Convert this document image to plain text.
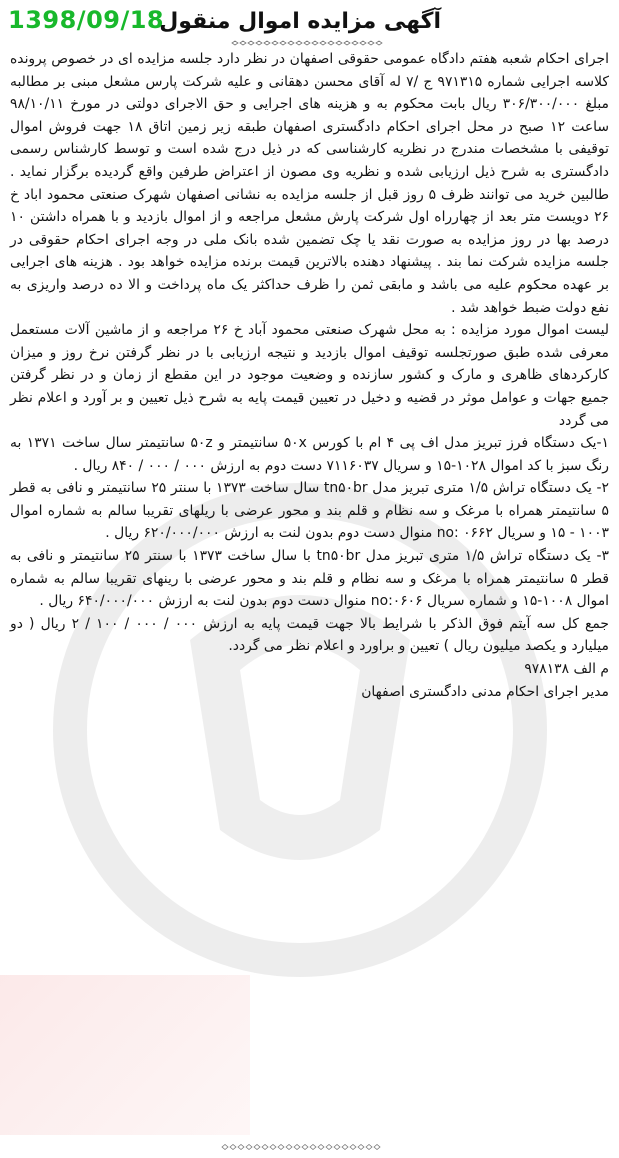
1398/09/18
آگهی مزایده اموال منقول
اجرای احکام شعبه هفتم دادگاه عمومی حقوقی اصفهان در نظر دارد جلسه مزایده ای در خصوص پرونده کلاسه اجرایی شماره ۹۷۱۳۱۵ ج /۷ له آقای محسن دهقانی و علیه شرکت پارس مشعل مبنی بر مطالبه مبلغ ۳۰۶/۳۰۰/۰۰۰ ریال بابت محکوم به و هزینه های اجرایی و حق الاجرای دولتی در مورخ ۹۸/۱۰/۱۱ ساعت ۱۲ صبح در محل اجرای احکام دادگستری اصفهان طبقه زیر زمین اتاق ۱۸ جهت فروش اموال توقیفی با مشخصات مندرج در نظریه کارشناسی که در ذیل درج شده است و توسط کارشناس رسمی دادگستری به شرح ذیل ارزیابی شده و نظریه وی مصون از اعتراض طرفین واقع گردیده برگزار نماید . طالبین خرید می توانند ظرف ۵ روز قبل از جلسه مزایده به نشانی اصفهان شهرک صنعتی محمود اباد خ ۲۶ دویست متر بعد از چهارراه اول شرکت پارش مشعل مراجعه و از اموال بازدید و با همراه داشتن ۱۰ درصد بها در روز مزایده به صورت نقد یا چک تضمین شده بانک ملی در وجه اجرای احکام حقوقی در جلسه مزایده شرکت نما بند . پیشنهاد دهنده بالاترین قیمت برنده مزایده خواهد بود . هزینه های اجرایی بر عهده محکوم علیه می باشد و مابقی ثمن را ظرف حداکثر یک ماه پرداخت و الا ده درصد واریزی به نفع دولت ضبط خواهد شد .
لیست اموال مورد مزایده : به محل شهرک صنعتی محمود آباد خ ۲۶ مراجعه و از ماشین آلات مستعمل معرفی شده طبق صورتجلسه توقیف اموال بازدید و نتیجه ارزیابی با در نظر گرفتن نرخ روز و میزان کارکردهای ظاهری و مارک و کشور سازنده و وضعیت موجود در این مقطع از زمان و در نظر گرفتن جمیع جهات و عوامل موثر در قضیه و دخیل در تعیین قیمت پایه به شرح ذیل تعیین و بر آورد و اعلام نظر می گردد
۱-یک دستگاه فرز تبریز مدل اف پی ۴ ام با کورس ۵۰x سانتیمتر و ۵۰z سانتیمتر سال ساخت ۱۳۷۱ به رنگ سبز با کد اموال ۱۰۲۸-۱۵ و سریال ۷۱۱۶۰۳۷ دست دوم به ارزش ۰۰۰ / ۰۰۰ / ۸۴۰ ریال .
۲- یک دستگاه تراش ۱/۵ متری تبریز مدل tn۵۰br سال ساخت ۱۳۷۳ با سنتر ۲۵ سانتیمتر و نافی به قطر ۵ سانتیمتر همراه با مرغک و سه نظام و قلم بند و محور عرضی با ریلهای تقریبا سالم به شماره اموال ۱۰۰۳ - ۱۵ و سریال no: ۰۶۶۲ منوال دست دوم بدون لنت به ارزش ۶۲۰/۰۰۰/۰۰۰ ریال .
۳- یک دستگاه تراش ۱/۵ متری تبریز مدل tn۵۰br با سال ساخت ۱۳۷۳ با سنتر ۲۵ سانتیمتر و نافی به قطر ۵ سانتیمتر همراه با مرغک و سه نظام و قلم بند و محور عرضی با رینهای تقریبا سالم به شماره اموال ۱۰۰۸-۱۵ و شماره سریال no:۰۶۰۶ منوال دست دوم بدون لنت به ارزش ۶۴۰/۰۰۰/۰۰۰ ریال .
جمع کل سه آیتم فوق الذکر با شرایط بالا جهت قیمت پایه به ارزش ۰۰۰ / ۰۰۰ / ۱۰۰ / ۲ ریال ( دو میلیارد و یکصد میلیون ریال ) تعیین و براورد و اعلام نظر می گردد.
م الف ۹۷۸۱۳۸
مدیر اجرای احکام مدنی دادگستری اصفهان
